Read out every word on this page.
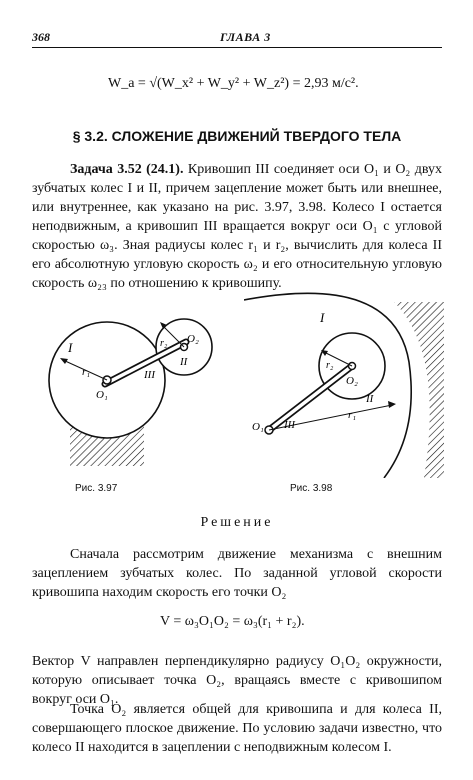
368	ГЛАВА 3
W_a = √(W_x² + W_y² + W_z²) = 2,93 м/с².
§ 3.2. СЛОЖЕНИЕ ДВИЖЕНИЙ ТВЕРДОГО ТЕЛА
Задача 3.52 (24.1). Кривошип III соединяет оси O₁ и O₂ двух зубчатых колес I и II, причем зацепление может быть или внешнее, или внутреннее, как указано на рис. 3.97, 3.98. Колесо I остается неподвижным, а кривошип III вращается вокруг оси O₁ с угловой скоростью ω₃. Зная радиусы колес r₁ и r₂, вычислить для колеса II его абсолютную угловую скорость ω₂ и его относительную угловую скорость ω₂₃ по отношению к кривошипу.
I
r₁
r₂ O₂
II
III
O₁
Рис. 3.97
I
r₂
O₂
II
III
r₁
O₁
Рис. 3.98
Решение
Сначала рассмотрим движение механизма с внешним зацеплением зубчатых колес. По заданной угловой скорости кривошипа находим скорость его точки O₂
V = ω₃O₁O₂ = ω₃(r₁ + r₂).
Вектор V направлен перпендикулярно радиусу O₁O₂ окружности, которую описывает точка O₂, вращаясь вместе с кривошипом вокруг оси O₁.
Точка O₂ является общей для кривошипа и для колеса II, совершающего плоское движение. По условию задачи известно, что колесо II находится в зацеплении с неподвижным колесом I.
